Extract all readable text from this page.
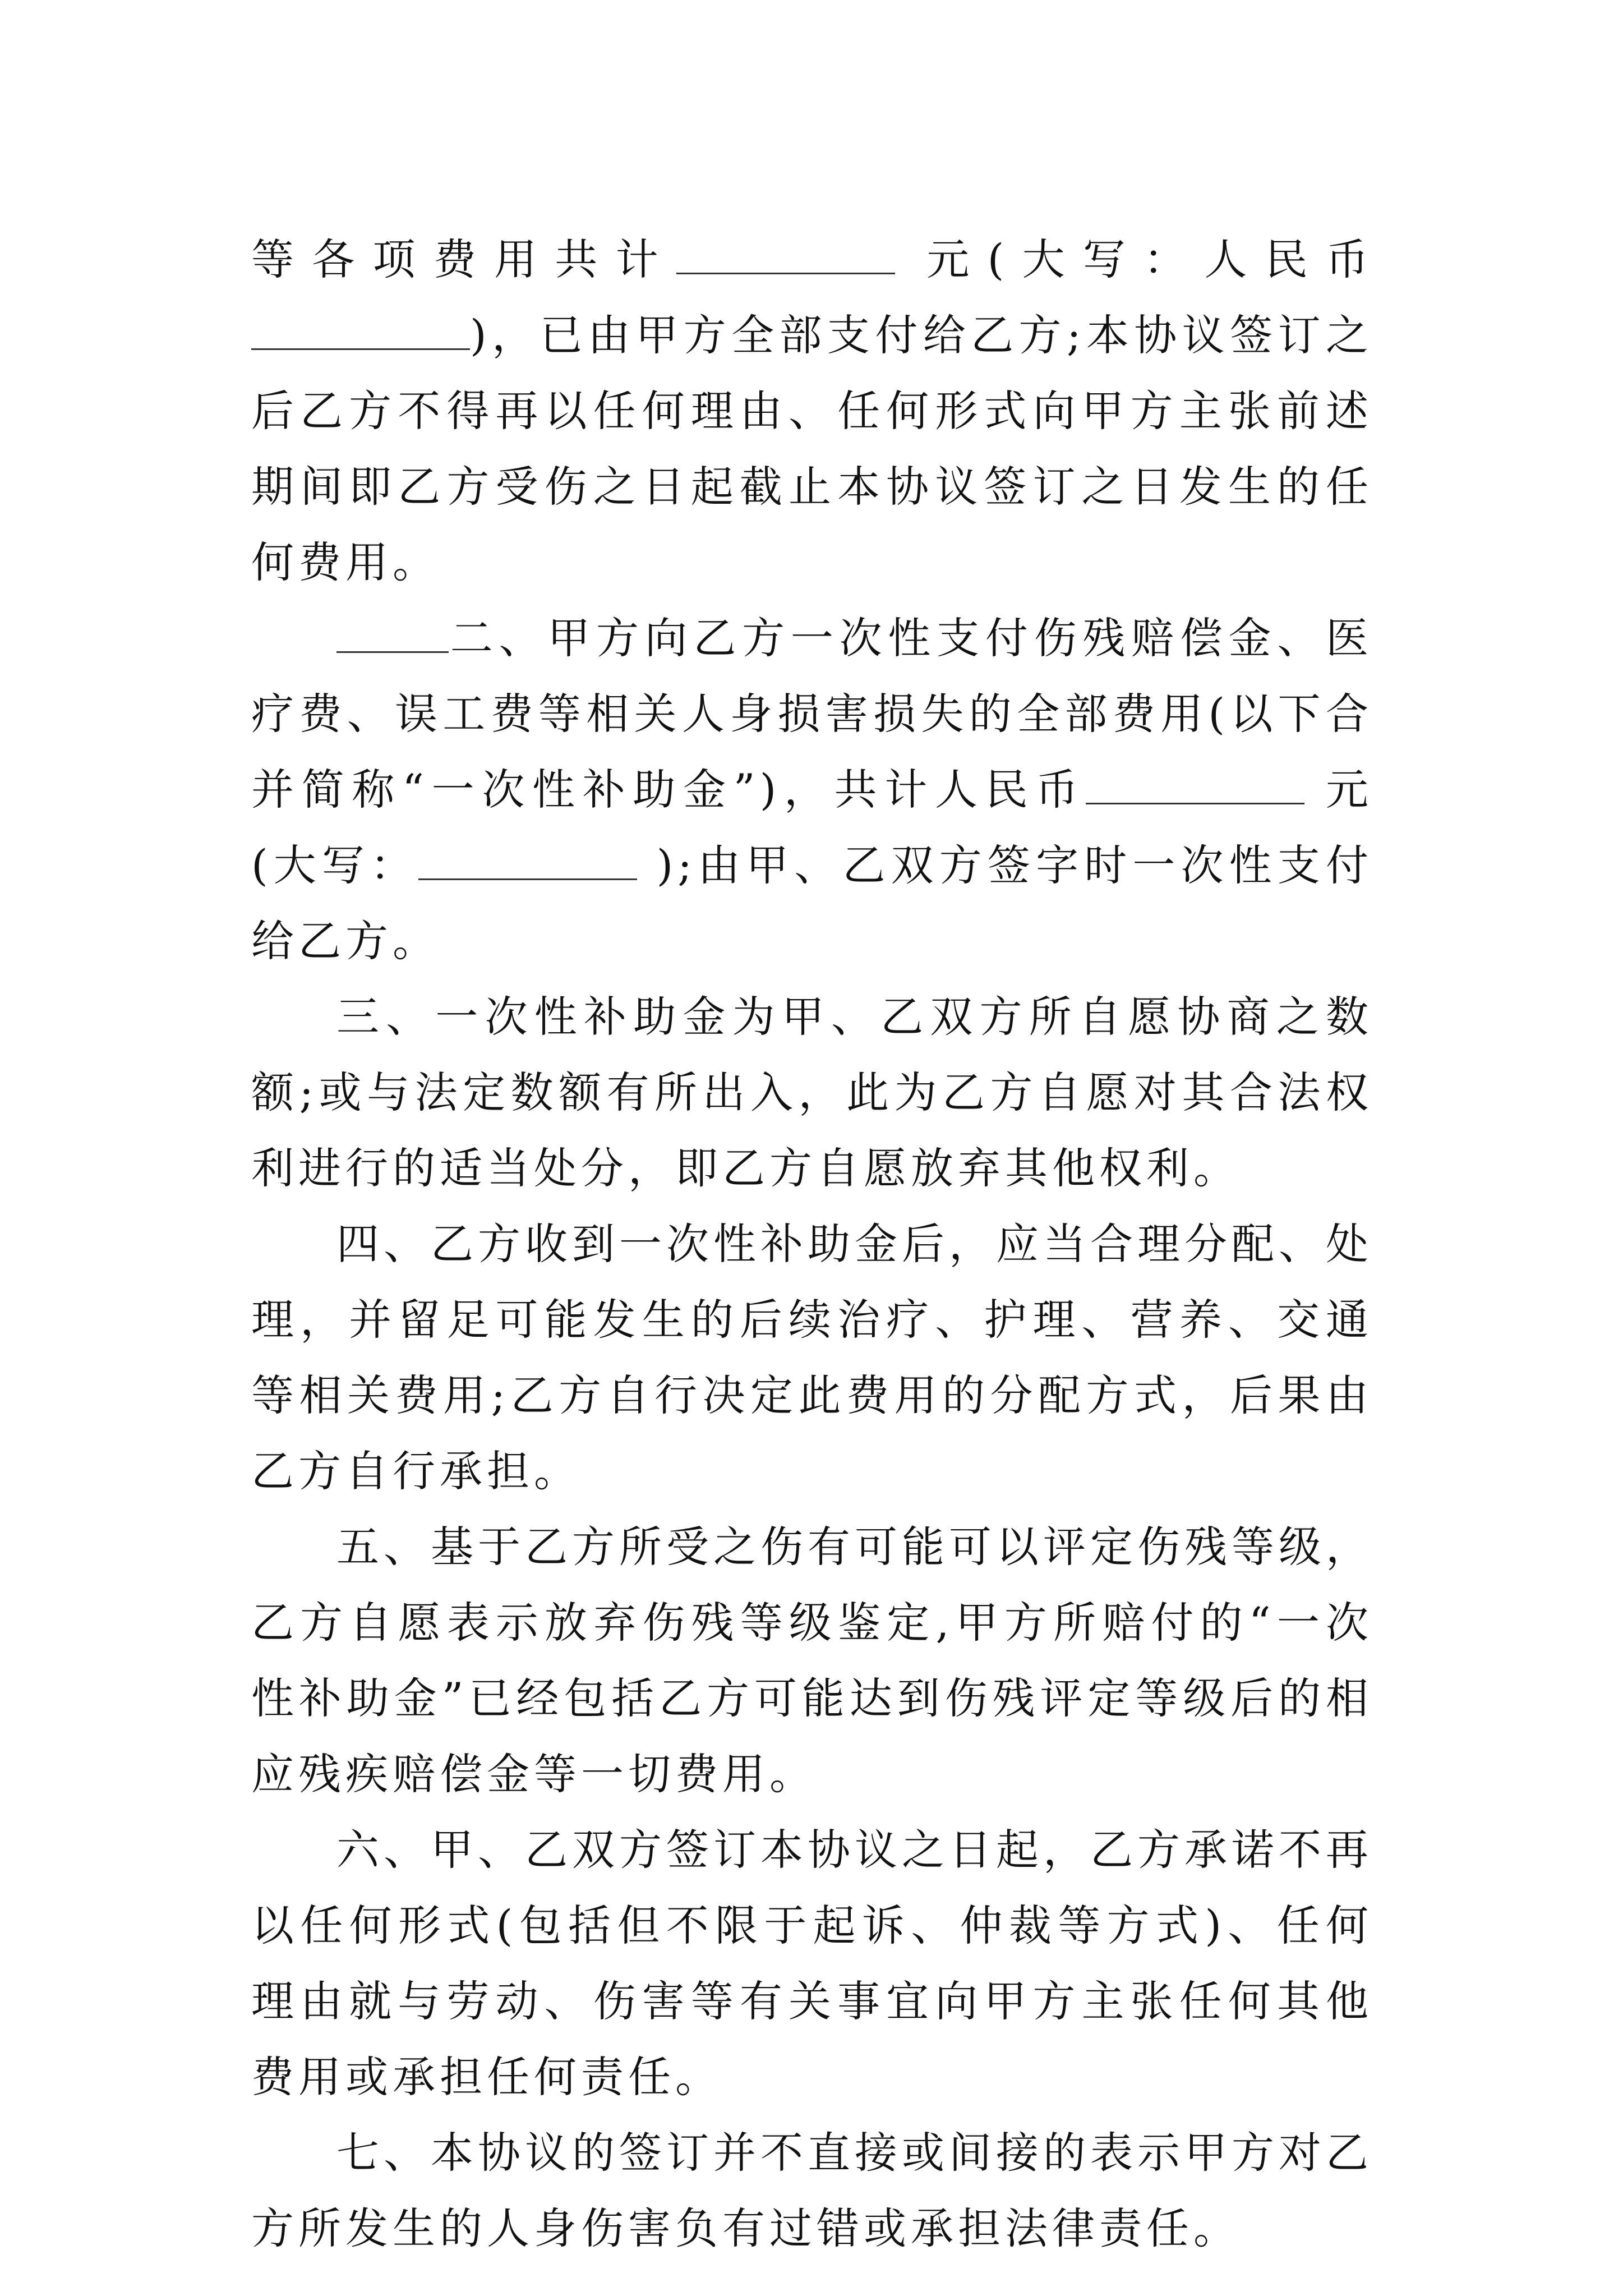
等各项费用共计	元(大写：人民币)，已由甲方全部支付给乙方;本协议签订之后乙方不得再以任何理由、任何形式向甲方主张前述期间即乙方受伤之日起截止本协议签订之日发生的任何费用。

二、甲方向乙方一次性支付伤残赔偿金、医疗费、误工费等相关人身损害损失的全部费用(以下合并简称“一次性补助金”)，共计人民币	元(大写：	);由甲、乙双方签字时一次性支付给乙方。

三、一次性补助金为甲、乙双方所自愿协商之数额;或与法定数额有所出入，此为乙方自愿对其合法权利进行的适当处分，即乙方自愿放弃其他权利。

四、乙方收到一次性补助金后，应当合理分配、处理，并留足可能发生的后续治疗、护理、营养、交通等相关费用;乙方自行决定此费用的分配方式，后果由乙方自行承担。

五、基于乙方所受之伤有可能可以评定伤残等级，乙方自愿表示放弃伤残等级鉴定,甲方所赔付的“一次性补助金”已经包括乙方可能达到伤残评定等级后的相应残疾赔偿金等一切费用。

六、甲、乙双方签订本协议之日起，乙方承诺不再以任何形式(包括但不限于起诉、仲裁等方式)、任何理由就与劳动、伤害等有关事宜向甲方主张任何其他费用或承担任何责任。

七、本协议的签订并不直接或间接的表示甲方对乙方所发生的人身伤害负有过错或承担法律责任。
